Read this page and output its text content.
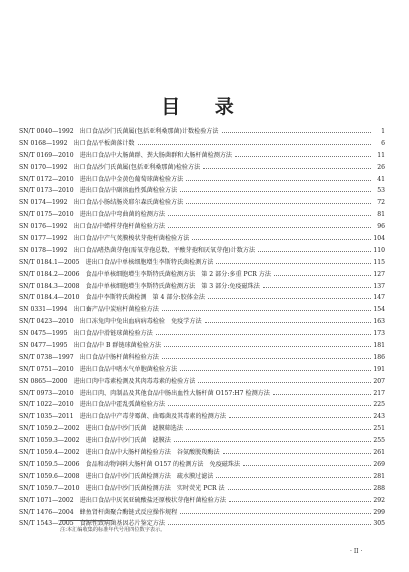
目 录
SN/T 0040—1992 出口食品沙门氏菌属(包括亚利桑那菌)计数检验方法	1
SN 0168—1992 出口食品平板菌落计数	6
SN/T 0169—2010 进出口食品中大肠菌群、粪大肠菌群和大肠杆菌检测方法	11
SN 0170—1992 出口食品沙门氏菌属(包括亚利桑那菌)检验方法	26
SN/T 0172—2010 进出口食品中金黄色葡萄球菌检验方法	41
SN/T 0173—2010 进出口食品中副溶血性弧菌检验方法	53
SN 0174—1992 出口食品小肠结肠炎耶尔森氏菌检验方法	72
SN/T 0175—2010 进出口食品中弯曲菌的检测方法	81
SN 0176—1992 出口食品中蜡样芽孢杆菌检验方法	96
SN 0177—1992 出口食品中产气荚膜梭状芽孢杆菌检验方法	104
SN 0178—1992 出口食品嗜热菌芽孢(需氧芽孢总数、平酸芽孢和厌氧芽孢)计数方法	110
SN/T 0184.1—2005 进出口食品中单核细胞增生李斯特氏菌检测方法	115
SN/T 0184.2—2006 食品中单核细胞增生李斯特氏菌检测方法　第 2 部分:多重 PCR 方法	127
SN/T 0184.3—2008 食品中单核细胞增生李斯特氏菌检测方法　第 3 部分:免疫磁珠法	137
SN/T 0184.4—2010 食品中李斯特氏菌检测　第 4 部分:胶体金法	147
SN 0331—1994 出口畜产品中炭疽杆菌检验方法	154
SN/T 0423—2010 出口冻兔肉中兔出血病病毒检验　免疫学方法	163
SN 0475—1995 出口食品中滑链球菌检验方法	173
SN 0477—1995 出口食品中 B 群链球菌检验方法	181
SN/T 0738—1997 出口食品中肠杆菌科检验方法	186
SN/T 0751—2010 进出口食品中嗜水气单胞菌检验方法	191
SN 0865—2000 进出口肉中毒素检测及其肉毒毒素的检验方法	207
SN/T 0973—2010 进出口肉、肉制品及其他食品中肠出血性大肠杆菌 O157:H7 检测方法	217
SN/T 1022—2010 进出口食品中霍乱弧菌检验方法	225
SN/T 1035—2011 进出口食品中产毒芽霉菌、曲霉菌及其毒素的检测方法	243
SN/T 1059.2—2002 进出口食品中沙门氏菌　滤膜筛选法	251
SN/T 1059.3—2002 进出口食品中沙门氏菌　滤膜法	255
SN/T 1059.4—2002 进出口食品中大肠杆菌检验方法　谷氨酸脱羧酶法	261
SN/T 1059.5—2006 食品和动物饲料大肠杆菌 O157 的检测方法　免疫磁珠法	269
SN/T 1059.6—2008 进出口食品中沙门氏菌检测方法　疏水膜过滤法	281
SN/T 1059.7—2010 进出口食品中沙门氏菌检测方法　实时荧光 PCR 法	288
SN/T 1071—2002 进出口食品中厌氧亚硫酸盐还原梭状芽孢杆菌检验方法	292
SN/T 1476—2004 蜂鱼肾杆菌聚合酶链式反应操作规程	299
SN/T 1543—2005 食源性致病菌基因芯片鉴定方法	305
注:本汇编收集的标准年代号用四位数字表示。
· II ·
